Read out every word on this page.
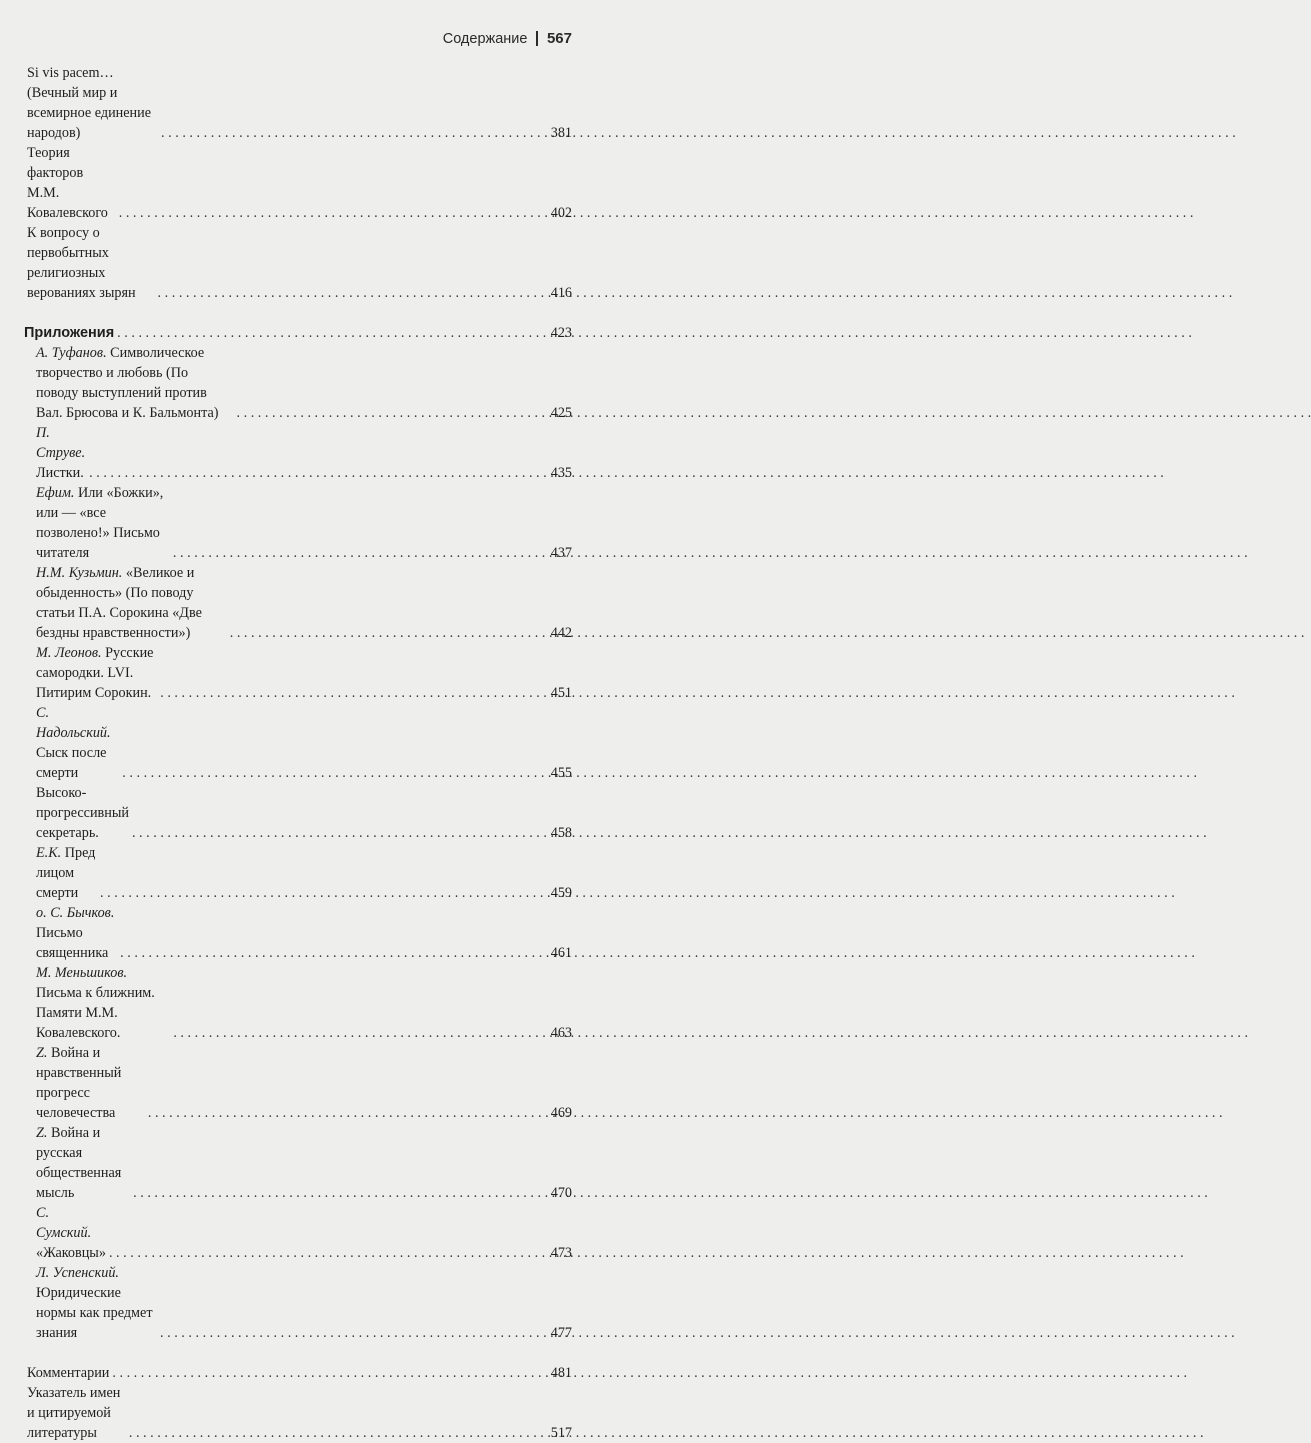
Содержание 567
Si vis pacem… (Вечный мир и всемирное единение народов) . . .	381
Теория факторов М.М. Ковалевского . . .	402
К вопросу о первобытных религиозных верованиях зырян . . .	416
Приложения . . .	423
А. Туфанов. Символическое творчество и любовь (По поводу выступлений против Вал. Брюсова и К. Бальмонта) . . .	425
П. Струве. Листки. . . .	435
Ефим. Или «Божки», или — «все позволено!» Письмо читателя . . .	437
Н.М. Кузьмин. «Великое и обыденность» (По поводу статьи П.А. Сорокина «Две бездны нравственности») . . .	442
М. Леонов. Русские самородки. LVI. Питирим Сорокин. . . .	451
С. Надольский. Сыск после смерти . . .	455
Высоко-прогрессивный секретарь. . . .	458
Е.К. Пред лицом смерти . . .	459
о. С. Бычков. Письмо священника . . .	461
М. Меньшиков. Письма к ближним. Памяти М.М. Ковалевского. . . .	463
Z. Война и нравственный прогресс человечества . . .	469
Z. Война и русская общественная мысль . . .	470
С. Сумский. «Жаковцы» . . .	473
Л. Успенский. Юридические нормы как предмет знания . . .	477
Комментарии . . .	481
Указатель имен и цитируемой литературы . . .	517
